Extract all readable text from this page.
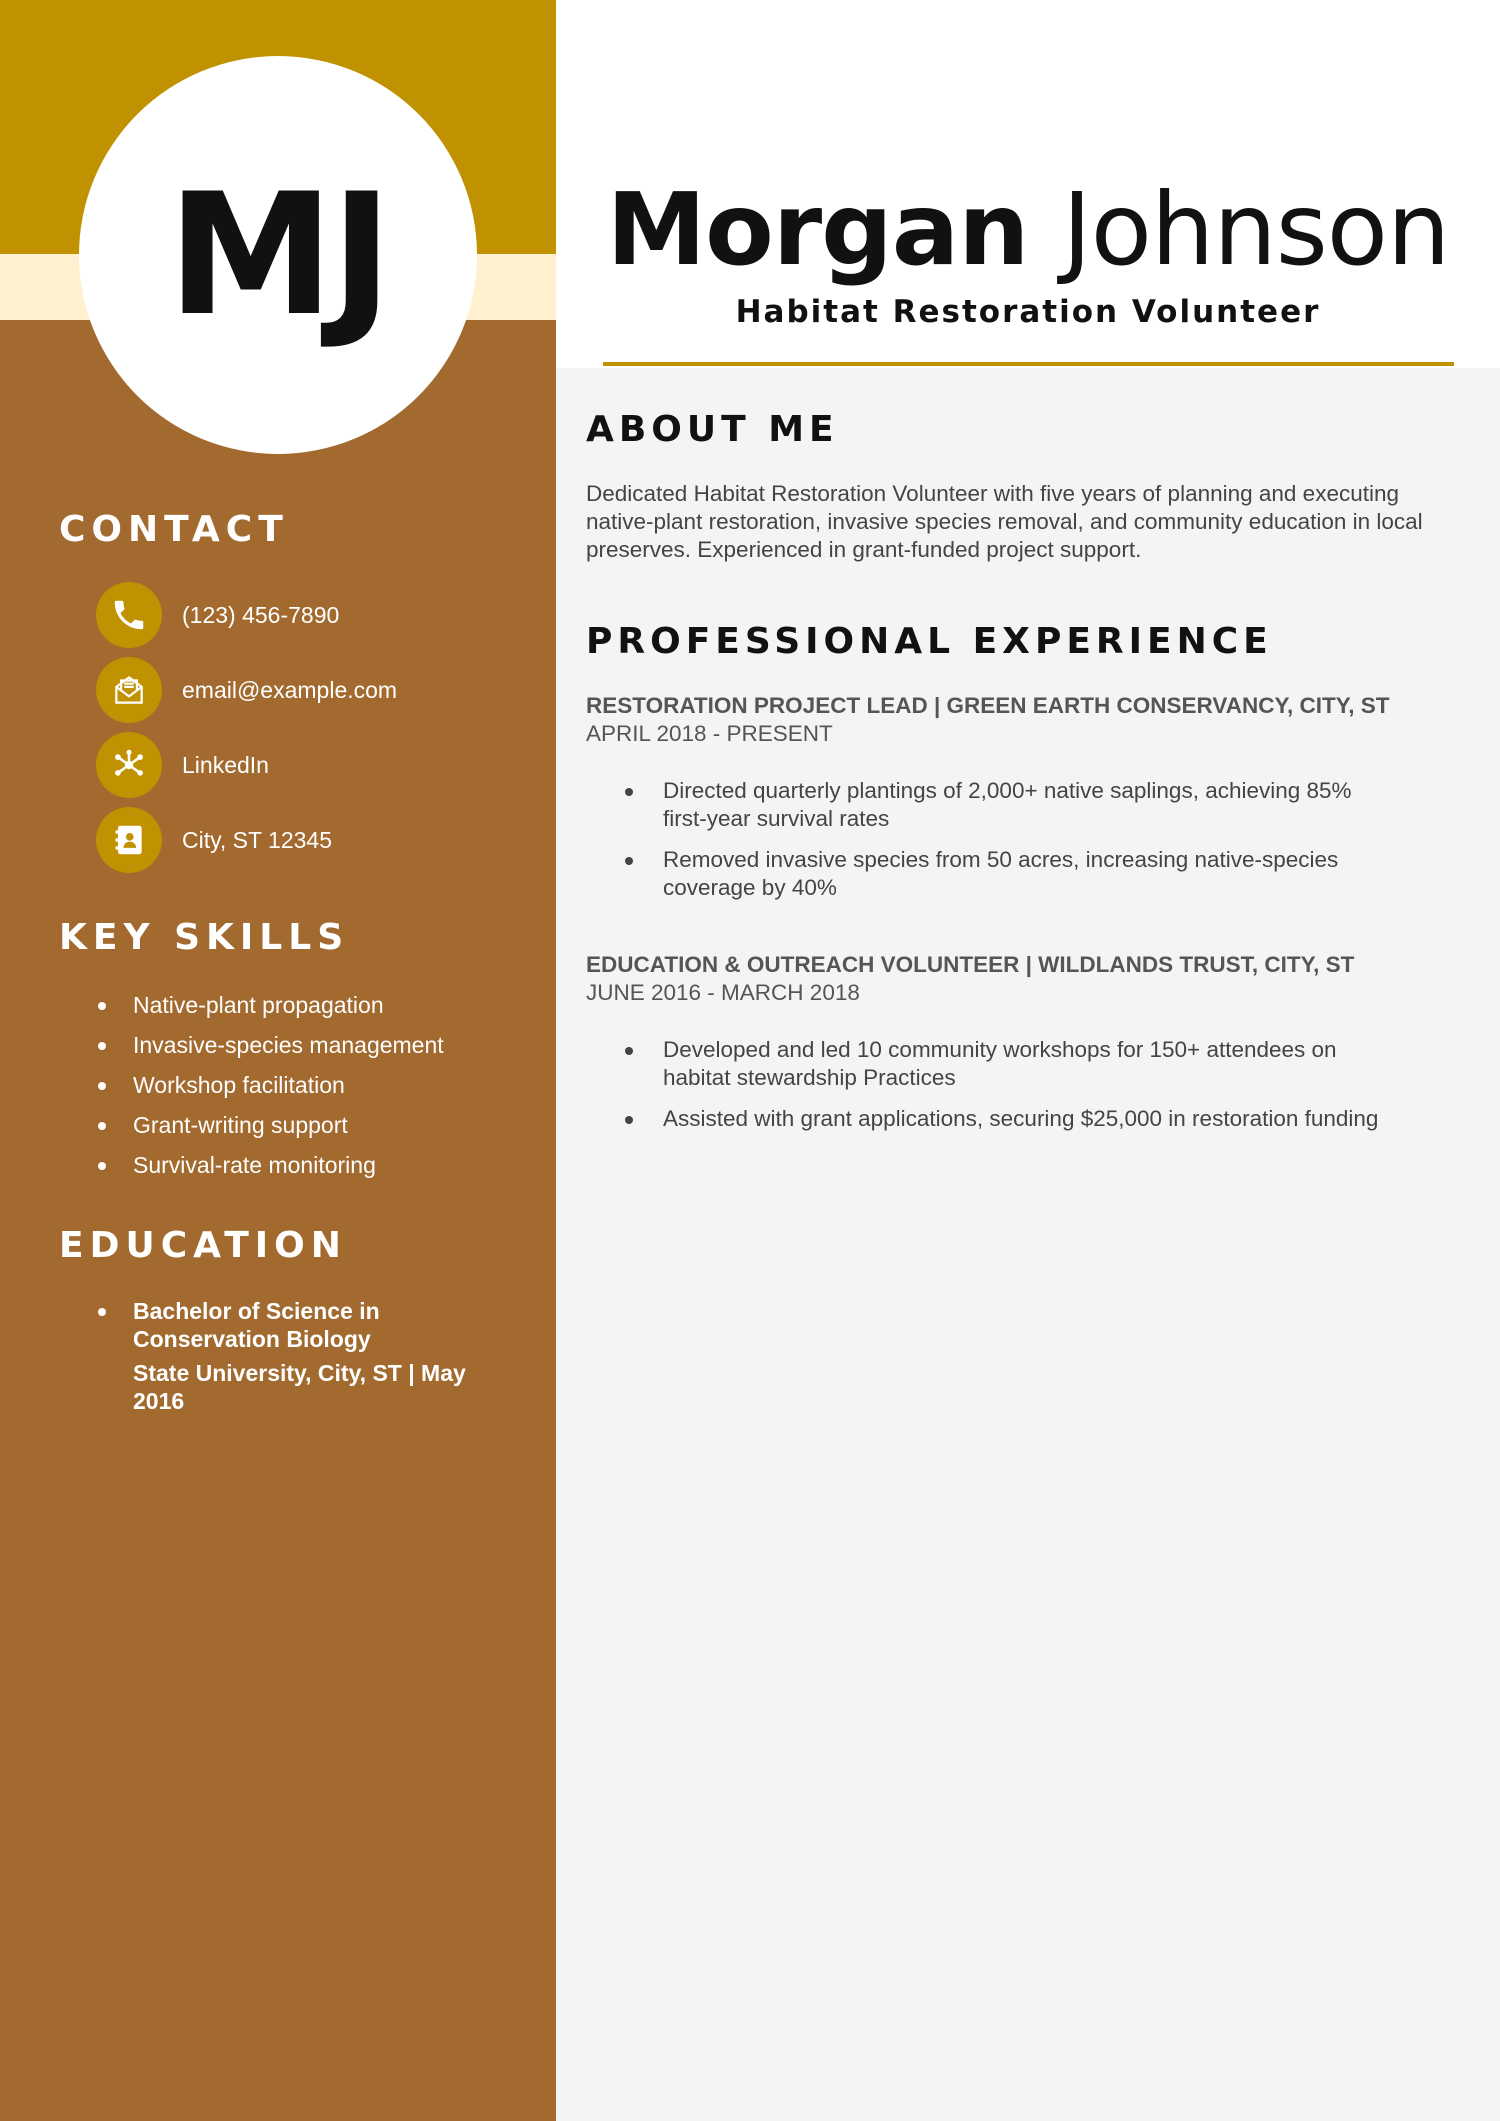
MJ	Morgan Johnson

Habitat Restoration Volunteer

CONTACT
(123) 456-7890
email@example.com
LinkedIn
City, ST 12345
KEY SKILLS
Native-plant propagation
Invasive-species management
Workshop facilitation
Grant-writing support
Survival-rate monitoring
EDUCATION
Bachelor of Science in Conservation Biology
State University, City, ST | May 2016
ABOUT ME

Dedicated Habitat Restoration Volunteer with five years of planning and executing native-plant restoration, invasive species removal, and community education in local preserves. Experienced in grant-funded project support.

PROFESSIONAL EXPERIENCE

RESTORATION PROJECT LEAD | GREEN EARTH CONSERVANCY, CITY, ST

APRIL 2018 - PRESENT

Directed quarterly plantings of 2,000+ native saplings, achieving 85% first-year survival rates
Removed invasive species from 50 acres, increasing native-species coverage by 40%

EDUCATION & OUTREACH VOLUNTEER | WILDLANDS TRUST, CITY, ST

JUNE 2016 - MARCH 2018

Developed and led 10 community workshops for 150+ attendees on habitat stewardship Practices
Assisted with grant applications, securing $25,000 in restoration funding
